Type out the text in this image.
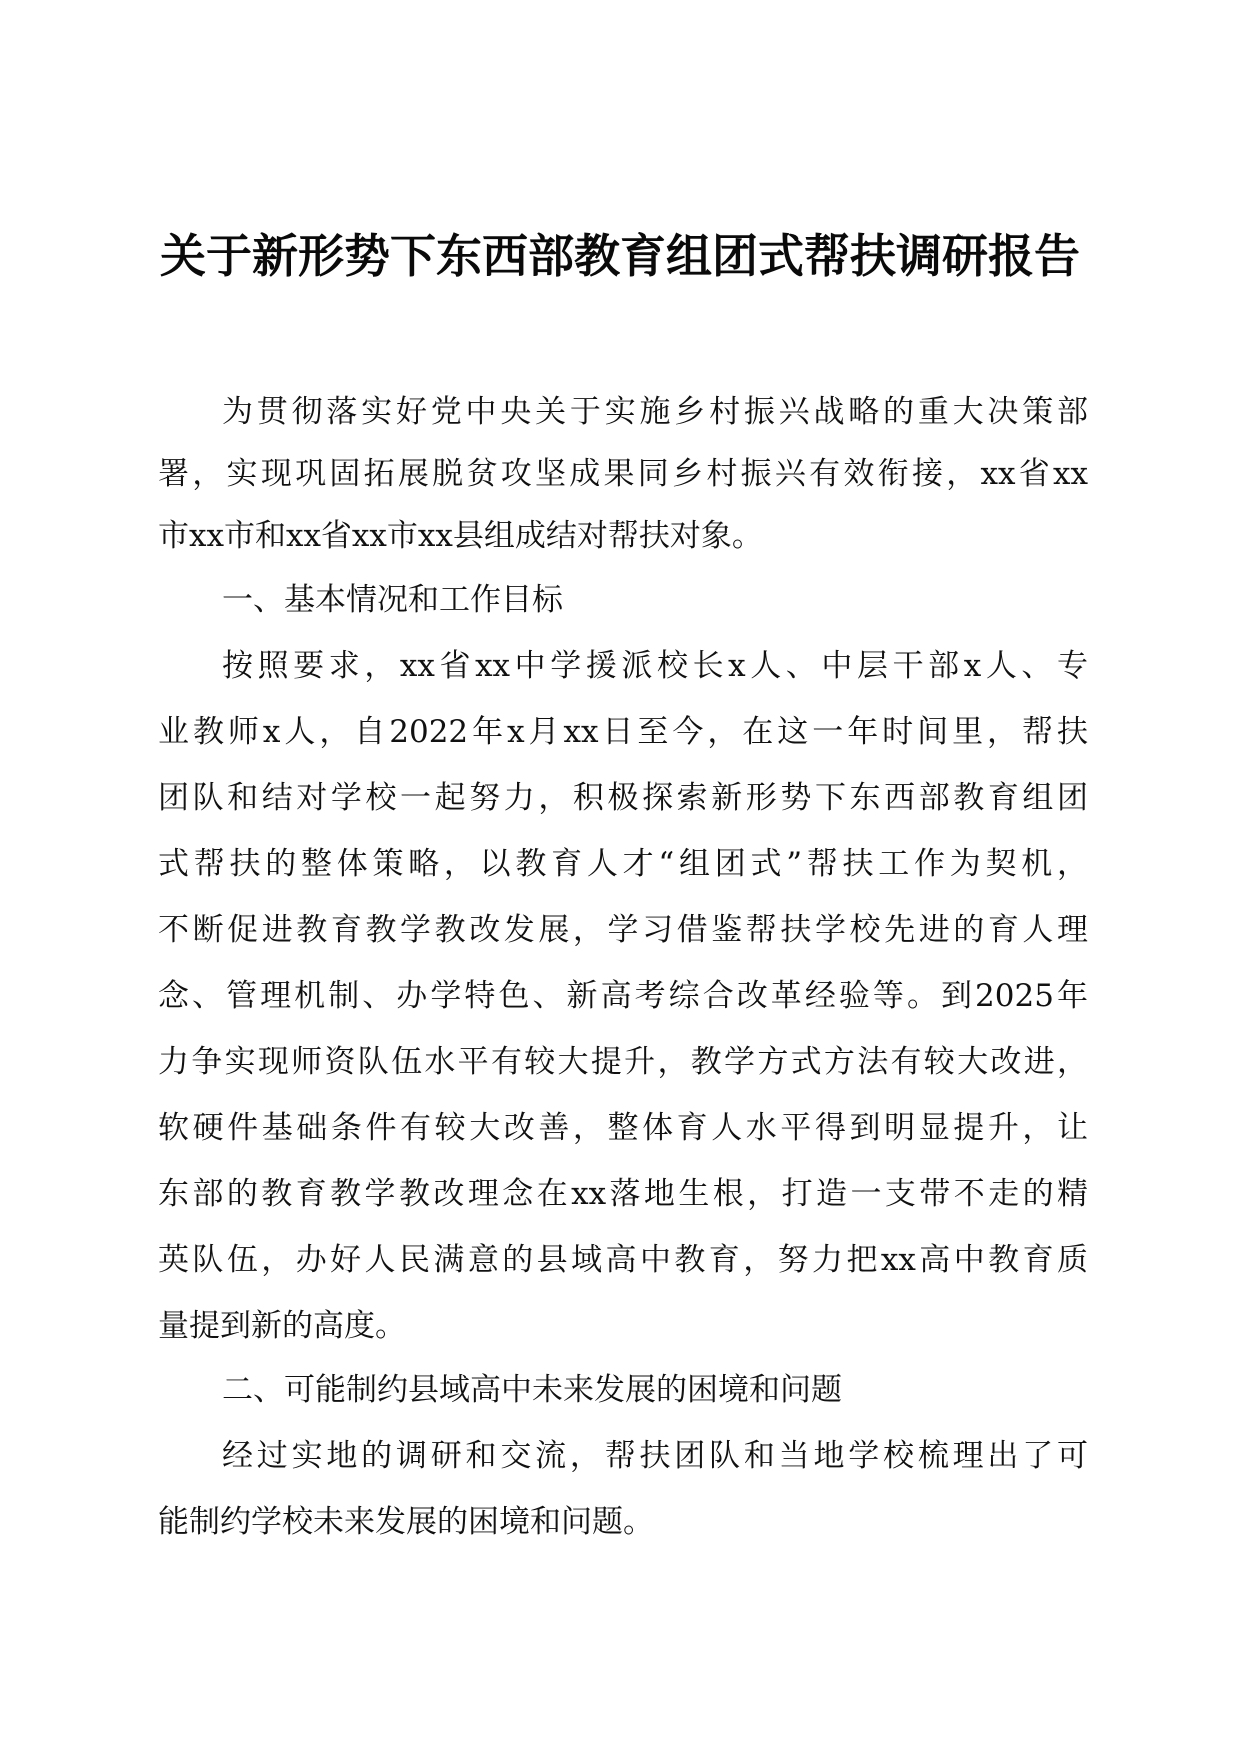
关于新形势下东西部教育组团式帮扶调研报告
为贯彻落实好党中央关于实施乡村振兴战略的重大决策部
署，实现巩固拓展脱贫攻坚成果同乡村振兴有效衔接，xx省xx
市xx市和xx省xx市xx县组成结对帮扶对象。
一、基本情况和工作目标
按照要求，xx省xx中学援派校长x人、中层干部x人、专
业教师x人，自2022年x月xx日至今，在这一年时间里，帮扶
团队和结对学校一起努力，积极探索新形势下东西部教育组团
式帮扶的整体策略，以教育人才“组团式”帮扶工作为契机，
不断促进教育教学教改发展，学习借鉴帮扶学校先进的育人理
念、管理机制、办学特色、新高考综合改革经验等。到2025年
力争实现师资队伍水平有较大提升，教学方式方法有较大改进，
软硬件基础条件有较大改善，整体育人水平得到明显提升，让
东部的教育教学教改理念在xx落地生根，打造一支带不走的精
英队伍，办好人民满意的县域高中教育，努力把xx高中教育质
量提到新的高度。
二、可能制约县域高中未来发展的困境和问题
经过实地的调研和交流，帮扶团队和当地学校梳理出了可
能制约学校未来发展的困境和问题。
